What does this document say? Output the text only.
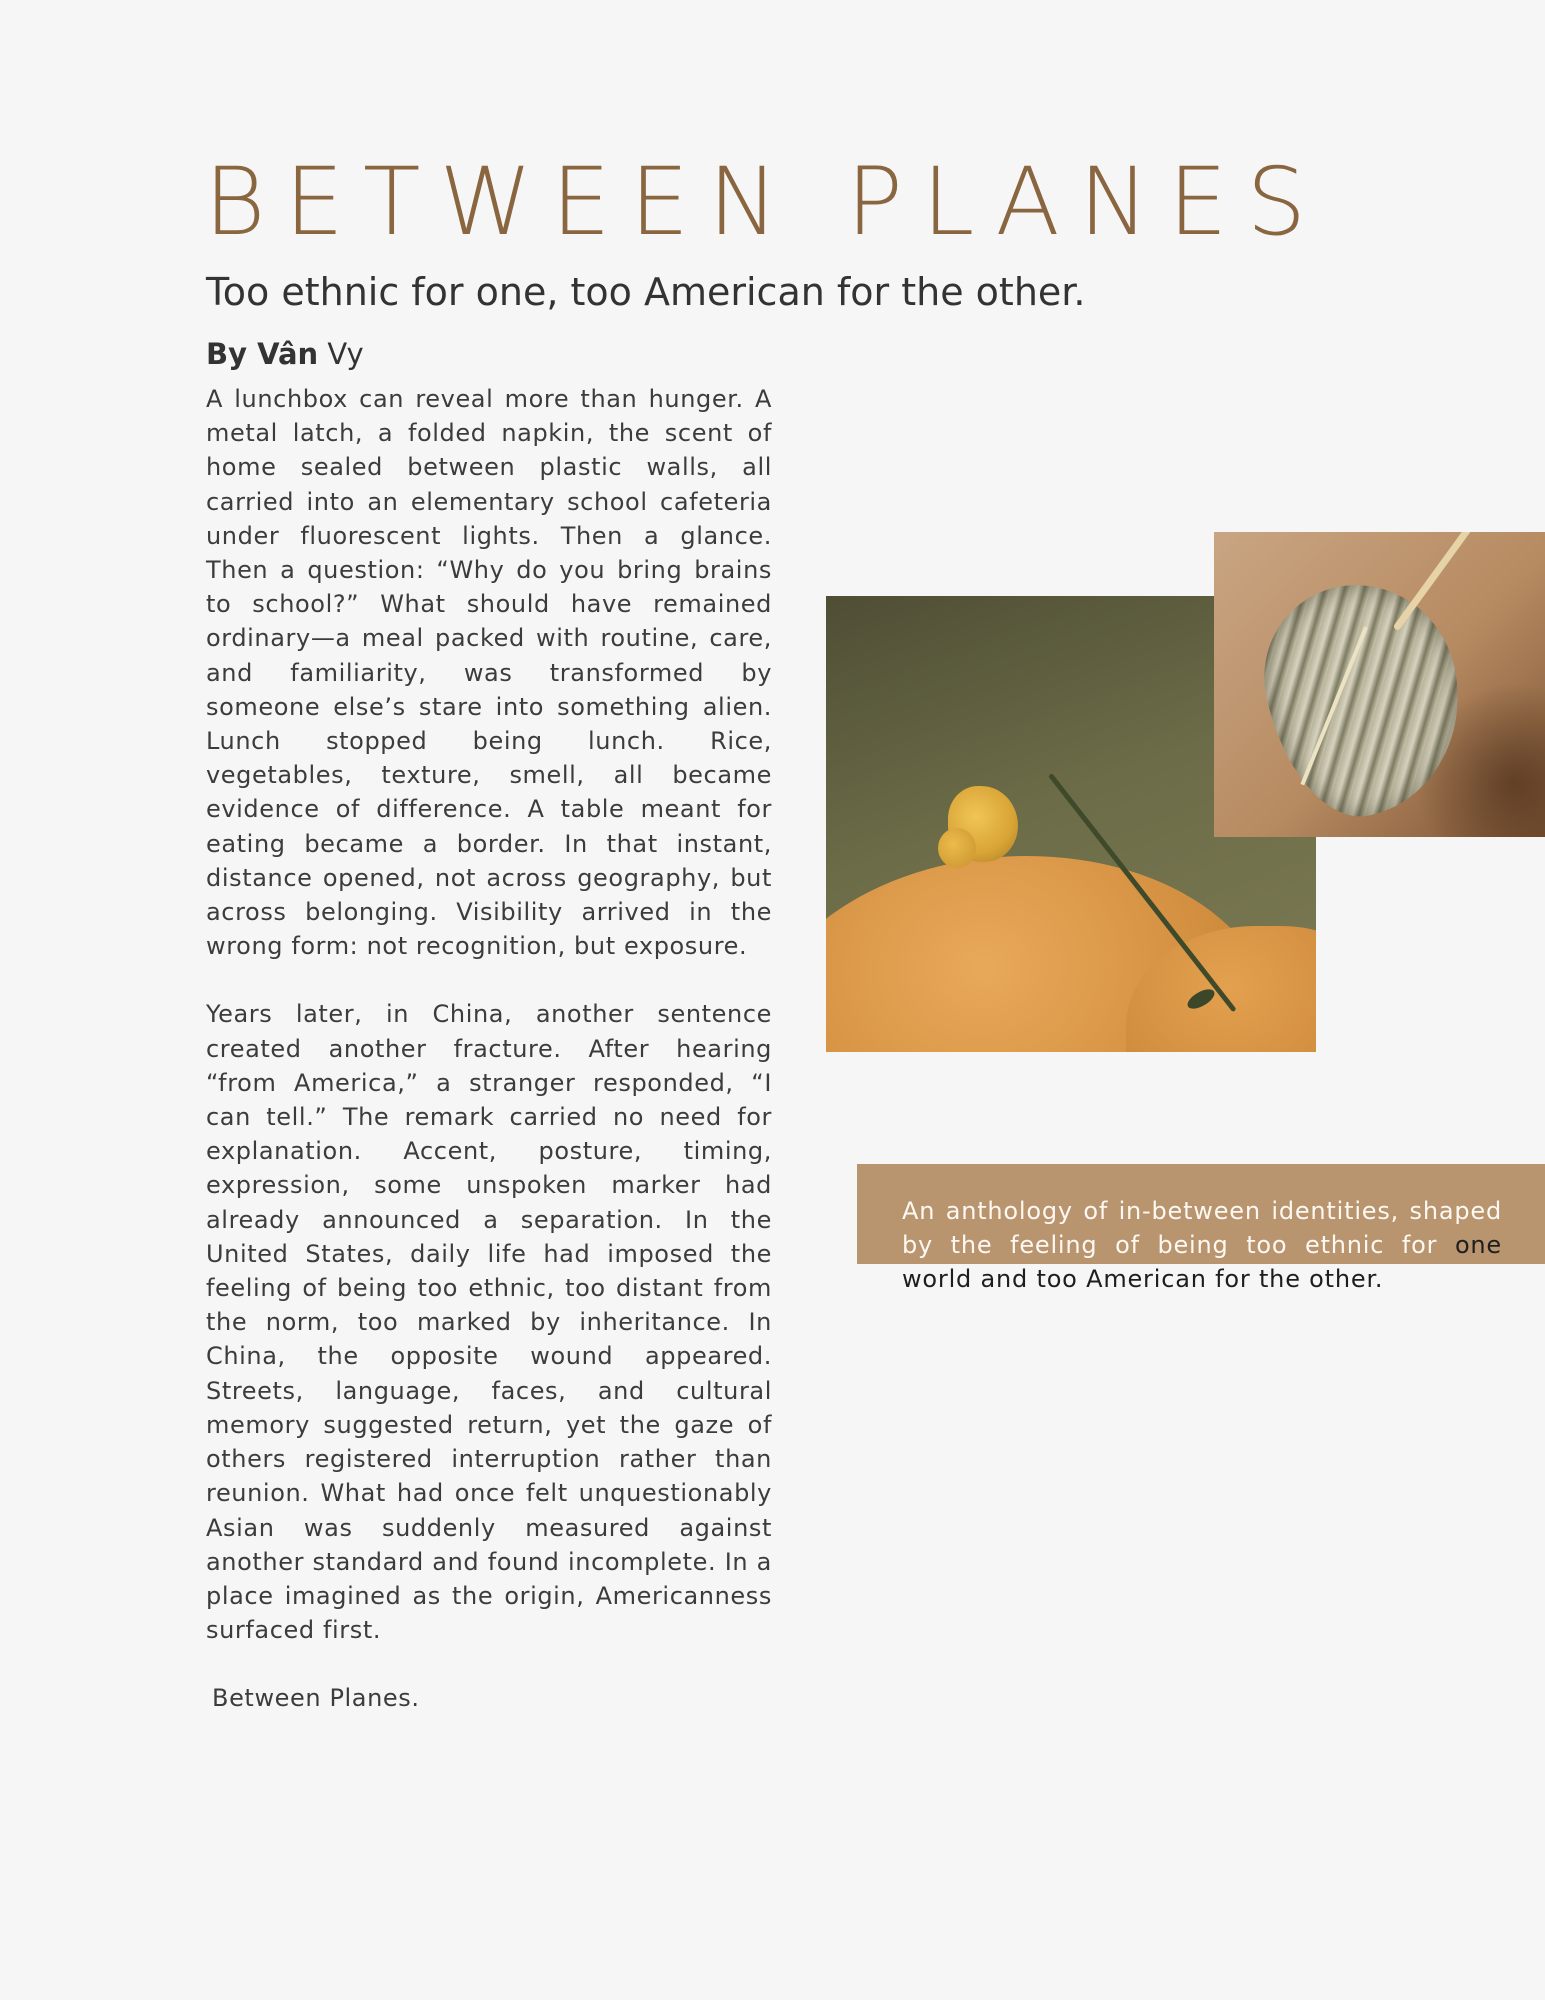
BETWEEN PLANES
Too ethnic for one, too American for the other.
By Vân Vy

A lunchbox can reveal more than hunger. A metal latch, a folded napkin, the scent of home sealed between plastic walls, all carried into an elementary school cafeteria under fluorescent lights. Then a glance. Then a question: “Why do you bring brains to school?” What should have remained ordinary—a meal packed with routine, care, and familiarity, was transformed by someone else’s stare into something alien. Lunch stopped being lunch. Rice, vegetables, texture, smell, all became evidence of difference. A table meant for eating became a border. In that instant, distance opened, not across geography, but across belonging. Visibility arrived in the wrong form: not recognition, but exposure.

Years later, in China, another sentence created another fracture. After hearing “from America,” a stranger responded, “I can tell.” The remark carried no need for explanation. Accent, posture, timing, expression, some unspoken marker had already announced a separation. In the United States, daily life had imposed the feeling of being too ethnic, too distant from the norm, too marked by inheritance. In China, the opposite wound appeared. Streets, language, faces, and cultural memory suggested return, yet the gaze of others registered interruption rather than reunion. What had once felt unquestionably Asian was suddenly measured against another standard and found incomplete. In a place imagined as the origin, Americanness surfaced first.

Between Planes.

An anthology of in-between identities, shaped by the feeling of being too ethnic for one world and too American for the other.
